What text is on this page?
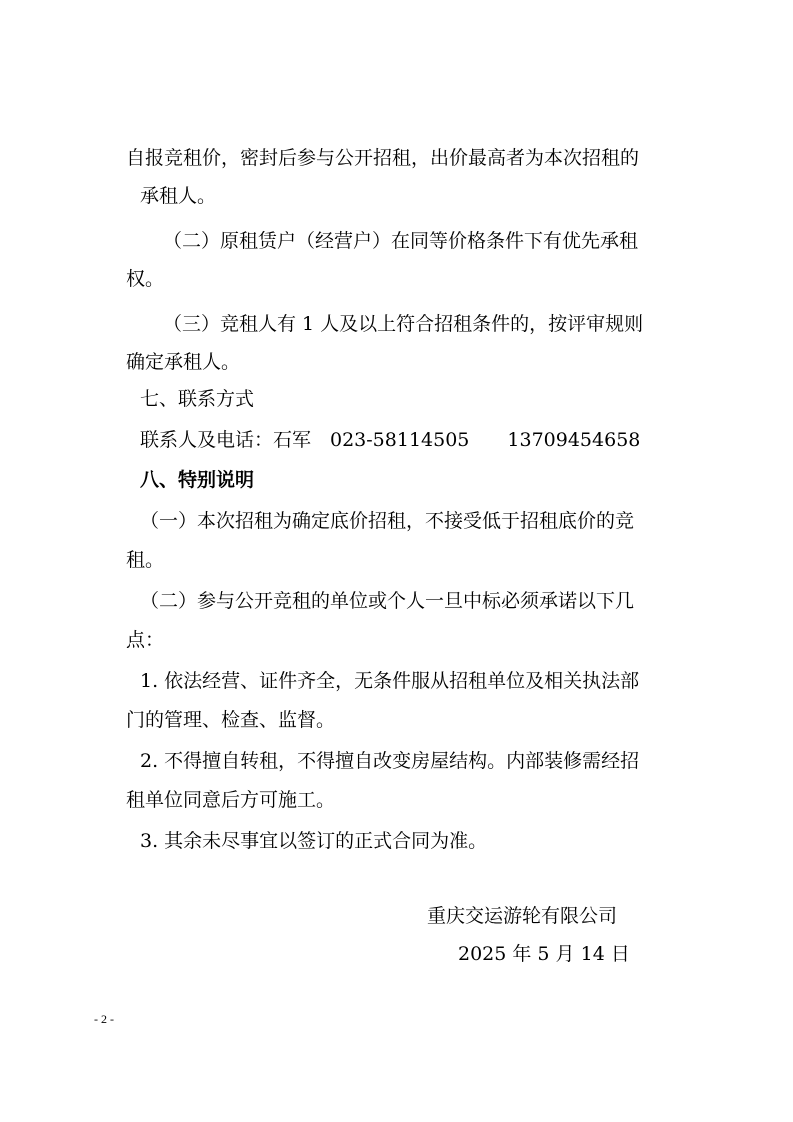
自报竞租价，密封后参与公开招租，出价最高者为本次招租的
承租人。
（二）原租赁户（经营户）在同等价格条件下有优先承租
权。
（三）竞租人有 1 人及以上符合招租条件的，按评审规则
确定承租人。
七、联系方式
联系人及电话：石军　023-58114505　　13709454658
八、特别说明
（一）本次招租为确定底价招租，不接受低于招租底价的竞
租。
（二）参与公开竞租的单位或个人一旦中标必须承诺以下几
点：
1. 依法经营、证件齐全，无条件服从招租单位及相关执法部
门的管理、检查、监督。
2. 不得擅自转租，不得擅自改变房屋结构。内部装修需经招
租单位同意后方可施工。
3. 其余未尽事宜以签订的正式合同为准。
重庆交运游轮有限公司
2025 年 5 月 14 日
- 2 -
